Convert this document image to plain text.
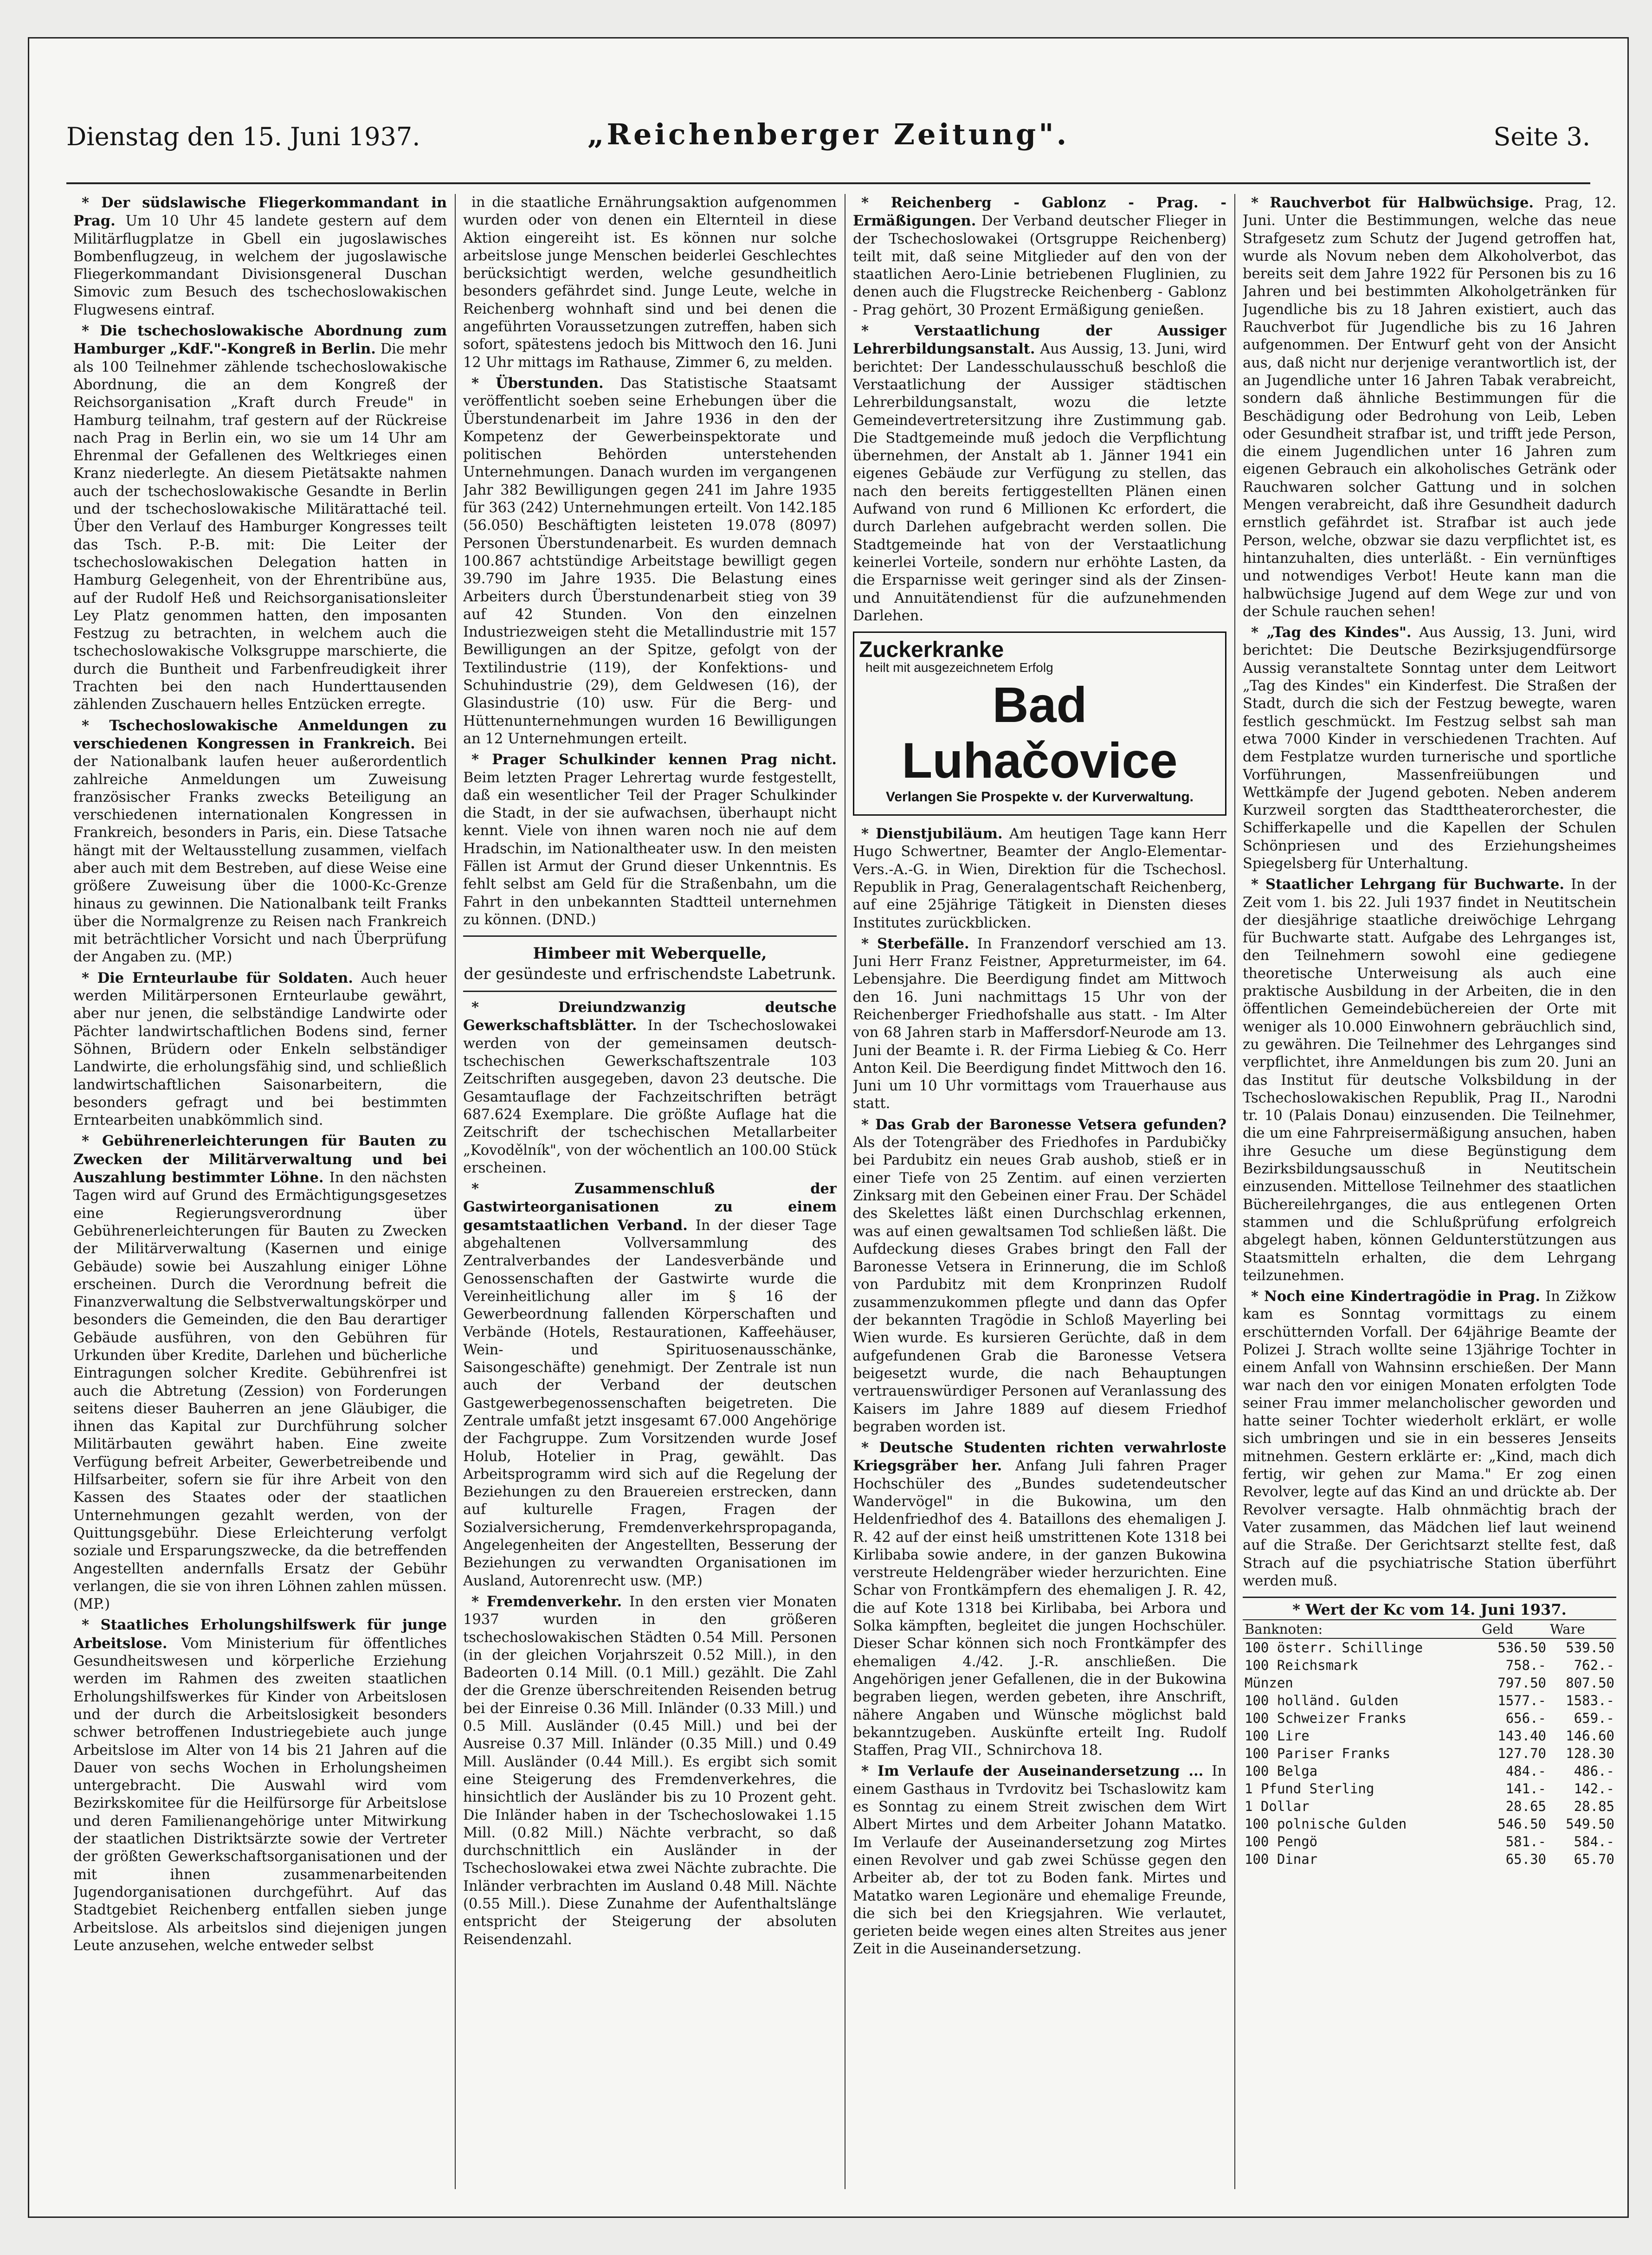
Dienstag den 15. Juni 1937.	„Reichenberger Zeitung".	Seite 3.

* Der südslawische Fliegerkommandant in Prag. Um 10 Uhr 45 landete gestern auf dem Militärflugplatze in Gbell ein jugoslawisches Bombenflugzeug, in welchem der jugoslawische Fliegerkommandant Divisionsgeneral Duschan Simovic zum Besuch des tschechoslowakischen Flugwesens eintraf.

* Die tschechoslowakische Abordnung zum Hamburger „KdF."-Kongreß in Berlin. Die mehr als 100 Teilnehmer zählende tschechoslowakische Abordnung, die an dem Kongreß der Reichsorganisation „Kraft durch Freude" in Hamburg teilnahm, traf gestern auf der Rückreise nach Prag in Berlin ein, wo sie um 14 Uhr am Ehrenmal der Gefallenen des Weltkrieges einen Kranz niederlegte. An diesem Pietätsakte nahmen auch der tschechoslowakische Gesandte in Berlin und der tschechoslowakische Militärattaché teil. Über den Verlauf des Hamburger Kongresses teilt das Tsch. P.-B. mit: Die Leiter der tschechoslowakischen Delegation hatten in Hamburg Gelegenheit, von der Ehrentribüne aus, auf der Rudolf Heß und Reichsorganisationsleiter Ley Platz genommen hatten, den imposanten Festzug zu betrachten, in welchem auch die tschechoslowakische Volksgruppe marschierte, die durch die Buntheit und Farbenfreudigkeit ihrer Trachten bei den nach Hunderttausenden zählenden Zuschauern helles Entzücken erregte.

* Tschechoslowakische Anmeldungen zu verschiedenen Kongressen in Frankreich. Bei der Nationalbank laufen heuer außerordentlich zahlreiche Anmeldungen um Zuweisung französischer Franks zwecks Beteiligung an verschiedenen internationalen Kongressen in Frankreich, besonders in Paris, ein. Diese Tatsache hängt mit der Weltausstellung zusammen, vielfach aber auch mit dem Bestreben, auf diese Weise eine größere Zuweisung über die 1000-Kc-Grenze hinaus zu gewinnen. Die Nationalbank teilt Franks über die Normalgrenze zu Reisen nach Frankreich mit beträchtlicher Vorsicht und nach Überprüfung der Angaben zu. (MP.)

* Die Ernteurlaube für Soldaten. Auch heuer werden Militärpersonen Ernteurlaube gewährt, aber nur jenen, die selbständige Landwirte oder Pächter landwirtschaftlichen Bodens sind, ferner Söhnen, Brüdern oder Enkeln selbständiger Landwirte, die erholungsfähig sind, und schließlich landwirtschaftlichen Saisonarbeitern, die besonders gefragt und bei bestimmten Erntearbeiten unabkömmlich sind.

* Gebührenerleichterungen für Bauten zu Zwecken der Militärverwaltung und bei Auszahlung bestimmter Löhne. In den nächsten Tagen wird auf Grund des Ermächtigungsgesetzes eine Regierungsverordnung über Gebührenerleichterungen für Bauten zu Zwecken der Militärverwaltung (Kasernen und einige Gebäude) sowie bei Auszahlung einiger Löhne erscheinen. Durch die Verordnung befreit die Finanzverwaltung die Selbstverwaltungskörper und besonders die Gemeinden, die den Bau derartiger Gebäude ausführen, von den Gebühren für Urkunden über Kredite, Darlehen und bücherliche Eintragungen solcher Kredite. Gebührenfrei ist auch die Abtretung (Zession) von Forderungen seitens dieser Bauherren an jene Gläubiger, die ihnen das Kapital zur Durchführung solcher Militärbauten gewährt haben. Eine zweite Verfügung befreit Arbeiter, Gewerbetreibende und Hilfsarbeiter, sofern sie für ihre Arbeit von den Kassen des Staates oder der staatlichen Unternehmungen gezahlt werden, von der Quittungsgebühr. Diese Erleichterung verfolgt soziale und Ersparungszwecke, da die betreffenden Angestellten andernfalls Ersatz der Gebühr verlangen, die sie von ihren Löhnen zahlen müssen. (MP.)

* Staatliches Erholungshilfswerk für junge Arbeitslose. Vom Ministerium für öffentliches Gesundheitswesen und körperliche Erziehung werden im Rahmen des zweiten staatlichen Erholungshilfswerkes für Kinder von Arbeitslosen und der durch die Arbeitslosigkeit besonders schwer betroffenen Industriegebiete auch junge Arbeitslose im Alter von 14 bis 21 Jahren auf die Dauer von sechs Wochen in Erholungsheimen untergebracht. Die Auswahl wird vom Bezirkskomitee für die Heilfürsorge für Arbeitslose und deren Familienangehörige unter Mitwirkung der staatlichen Distriktsärzte sowie der Vertreter der größten Gewerkschaftsorganisationen und der mit ihnen zusammenarbeitenden Jugendorganisationen durchgeführt. Auf das Stadtgebiet Reichenberg entfallen sieben junge Arbeitslose. Als arbeitslos sind diejenigen jungen Leute anzusehen, welche entweder selbst

in die staatliche Ernährungsaktion aufgenommen wurden oder von denen ein Elternteil in diese Aktion eingereiht ist. Es können nur solche arbeitslose junge Menschen beiderlei Geschlechtes berücksichtigt werden, welche gesundheitlich besonders gefährdet sind. Junge Leute, welche in Reichenberg wohnhaft sind und bei denen die angeführten Voraussetzungen zutreffen, haben sich sofort, spätestens jedoch bis Mittwoch den 16. Juni 12 Uhr mittags im Rathause, Zimmer 6, zu melden.

* Überstunden. Das Statistische Staatsamt veröffentlicht soeben seine Erhebungen über die Überstundenarbeit im Jahre 1936 in den der Kompetenz der Gewerbeinspektorate und politischen Behörden unterstehenden Unternehmungen. Danach wurden im vergangenen Jahr 382 Bewilligungen gegen 241 im Jahre 1935 für 363 (242) Unternehmungen erteilt. Von 142.185 (56.050) Beschäftigten leisteten 19.078 (8097) Personen Überstundenarbeit. Es wurden demnach 100.867 achtstündige Arbeitstage bewilligt gegen 39.790 im Jahre 1935. Die Belastung eines Arbeiters durch Überstundenarbeit stieg von 39 auf 42 Stunden. Von den einzelnen Industriezweigen steht die Metallindustrie mit 157 Bewilligungen an der Spitze, gefolgt von der Textilindustrie (119), der Konfektions- und Schuhindustrie (29), dem Geldwesen (16), der Glasindustrie (10) usw. Für die Berg- und Hüttenunternehmungen wurden 16 Bewilligungen an 12 Unternehmungen erteilt.

* Prager Schulkinder kennen Prag nicht. Beim letzten Prager Lehrertag wurde festgestellt, daß ein wesentlicher Teil der Prager Schulkinder die Stadt, in der sie aufwachsen, überhaupt nicht kennt. Viele von ihnen waren noch nie auf dem Hradschin, im Nationaltheater usw. In den meisten Fällen ist Armut der Grund dieser Unkenntnis. Es fehlt selbst am Geld für die Straßenbahn, um die Fahrt in den unbekannten Stadtteil unternehmen zu können. (DND.)

Himbeer mit Weberquelle,
der gesündeste und erfrischendste Labetrunk.

* Dreiundzwanzig deutsche Gewerkschaftsblätter. In der Tschechoslowakei werden von der gemeinsamen deutsch-tschechischen Gewerkschaftszentrale 103 Zeitschriften ausgegeben, davon 23 deutsche. Die Gesamtauflage der Fachzeitschriften beträgt 687.624 Exemplare. Die größte Auflage hat die Zeitschrift der tschechischen Metallarbeiter „Kovodělník", von der wöchentlich an 100.00 Stück erscheinen.

* Zusammenschluß der Gastwirteorganisationen zu einem gesamtstaatlichen Verband. In der dieser Tage abgehaltenen Vollversammlung des Zentralverbandes der Landesverbände und Genossenschaften der Gastwirte wurde die Vereinheitlichung aller im § 16 der Gewerbeordnung fallenden Körperschaften und Verbände (Hotels, Restaurationen, Kaffeehäuser, Wein- und Spirituosenausschänke, Saisongeschäfte) genehmigt. Der Zentrale ist nun auch der Verband der deutschen Gastgewerbegenossenschaften beigetreten. Die Zentrale umfaßt jetzt insgesamt 67.000 Angehörige der Fachgruppe. Zum Vorsitzenden wurde Josef Holub, Hotelier in Prag, gewählt. Das Arbeitsprogramm wird sich auf die Regelung der Beziehungen zu den Brauereien erstrecken, dann auf kulturelle Fragen, Fragen der Sozialversicherung, Fremdenverkehrspropaganda, Angelegenheiten der Angestellten, Besserung der Beziehungen zu verwandten Organisationen im Ausland, Autorenrecht usw. (MP.)

* Fremdenverkehr. In den ersten vier Monaten 1937 wurden in den größeren tschechoslowakischen Städten 0.54 Mill. Personen (in der gleichen Vorjahrszeit 0.52 Mill.), in den Badeorten 0.14 Mill. (0.1 Mill.) gezählt. Die Zahl der die Grenze überschreitenden Reisenden betrug bei der Einreise 0.36 Mill. Inländer (0.33 Mill.) und 0.5 Mill. Ausländer (0.45 Mill.) und bei der Ausreise 0.37 Mill. Inländer (0.35 Mill.) und 0.49 Mill. Ausländer (0.44 Mill.). Es ergibt sich somit eine Steigerung des Fremdenverkehres, die hinsichtlich der Ausländer bis zu 10 Prozent geht. Die Inländer haben in der Tschechoslowakei 1.15 Mill. (0.82 Mill.) Nächte verbracht, so daß durchschnittlich ein Ausländer in der Tschechoslowakei etwa zwei Nächte zubrachte. Die Inländer verbrachten im Ausland 0.48 Mill. Nächte (0.55 Mill.). Diese Zunahme der Aufenthaltslänge entspricht der Steigerung der absoluten Reisendenzahl.

* Reichenberg - Gablonz - Prag. - Ermäßigungen. Der Verband deutscher Flieger in der Tschechoslowakei (Ortsgruppe Reichenberg) teilt mit, daß seine Mitglieder auf den von der staatlichen Aero-Linie betriebenen Fluglinien, zu denen auch die Flugstrecke Reichenberg - Gablonz - Prag gehört, 30 Prozent Ermäßigung genießen.

* Verstaatlichung der Aussiger Lehrerbildungsanstalt. Aus Aussig, 13. Juni, wird berichtet: Der Landesschulausschuß beschloß die Verstaatlichung der Aussiger städtischen Lehrerbildungsanstalt, wozu die letzte Gemeindevertretersitzung ihre Zustimmung gab. Die Stadtgemeinde muß jedoch die Verpflichtung übernehmen, der Anstalt ab 1. Jänner 1941 ein eigenes Gebäude zur Verfügung zu stellen, das nach den bereits fertiggestellten Plänen einen Aufwand von rund 6 Millionen Kc erfordert, die durch Darlehen aufgebracht werden sollen. Die Stadtgemeinde hat von der Verstaatlichung keinerlei Vorteile, sondern nur erhöhte Lasten, da die Ersparnisse weit geringer sind als der Zinsen- und Annuitätendienst für die aufzunehmenden Darlehen.

Zuckerkranke
heilt mit ausgezeichnetem Erfolg
Bad Luhačovice
Verlangen Sie Prospekte v. der Kurverwaltung.

* Dienstjubiläum. Am heutigen Tage kann Herr Hugo Schwertner, Beamter der Anglo-Elementar-Vers.-A.-G. in Wien, Direktion für die Tschechosl. Republik in Prag, Generalagentschaft Reichenberg, auf eine 25jährige Tätigkeit in Diensten dieses Institutes zurückblicken.

* Sterbefälle. In Franzendorf verschied am 13. Juni Herr Franz Feistner, Appreturmeister, im 64. Lebensjahre. Die Beerdigung findet am Mittwoch den 16. Juni nachmittags 15 Uhr von der Reichenberger Friedhofshalle aus statt. - Im Alter von 68 Jahren starb in Maffersdorf-Neurode am 13. Juni der Beamte i. R. der Firma Liebieg & Co. Herr Anton Keil. Die Beerdigung findet Mittwoch den 16. Juni um 10 Uhr vormittags vom Trauerhause aus statt.

* Das Grab der Baronesse Vetsera gefunden? Als der Totengräber des Friedhofes in Pardubičky bei Pardubitz ein neues Grab aushob, stieß er in einer Tiefe von 25 Zentim. auf einen verzierten Zinksarg mit den Gebeinen einer Frau. Der Schädel des Skelettes läßt einen Durchschlag erkennen, was auf einen gewaltsamen Tod schließen läßt. Die Aufdeckung dieses Grabes bringt den Fall der Baronesse Vetsera in Erinnerung, die im Schloß von Pardubitz mit dem Kronprinzen Rudolf zusammenzukommen pflegte und dann das Opfer der bekannten Tragödie in Schloß Mayerling bei Wien wurde. Es kursieren Gerüchte, daß in dem aufgefundenen Grab die Baronesse Vetsera beigesetzt wurde, die nach Behauptungen vertrauenswürdiger Personen auf Veranlassung des Kaisers im Jahre 1889 auf diesem Friedhof begraben worden ist.

* Deutsche Studenten richten verwahrloste Kriegsgräber her. Anfang Juli fahren Prager Hochschüler des „Bundes sudetendeutscher Wandervögel" in die Bukowina, um den Heldenfriedhof des 4. Bataillons des ehemaligen J. R. 42 auf der einst heiß umstrittenen Kote 1318 bei Kirlibaba sowie andere, in der ganzen Bukowina verstreute Heldengräber wieder herzurichten. Eine Schar von Frontkämpfern des ehemaligen J. R. 42, die auf Kote 1318 bei Kirlibaba, bei Arbora und Solka kämpften, begleitet die jungen Hochschüler. Dieser Schar können sich noch Frontkämpfer des ehemaligen 4./42. J.-R. anschließen. Die Angehörigen jener Gefallenen, die in der Bukowina begraben liegen, werden gebeten, ihre Anschrift, nähere Angaben und Wünsche möglichst bald bekanntzugeben. Auskünfte erteilt Ing. Rudolf Staffen, Prag VII., Schnirchova 18.

* Im Verlaufe der Auseinandersetzung ... In einem Gasthaus in Tvrdovitz bei Tschaslowitz kam es Sonntag zu einem Streit zwischen dem Wirt Albert Mirtes und dem Arbeiter Johann Matatko. Im Verlaufe der Auseinandersetzung zog Mirtes einen Revolver und gab zwei Schüsse gegen den Arbeiter ab, der tot zu Boden fank. Mirtes und Matatko waren Legionäre und ehemalige Freunde, die sich bei den Kriegsjahren. Wie verlautet, gerieten beide wegen eines alten Streites aus jener Zeit in die Auseinandersetzung.

* Rauchverbot für Halbwüchsige. Prag, 12. Juni. Unter die Bestimmungen, welche das neue Strafgesetz zum Schutz der Jugend getroffen hat, wurde als Novum neben dem Alkoholverbot, das bereits seit dem Jahre 1922 für Personen bis zu 16 Jahren und bei bestimmten Alkoholgetränken für Jugendliche bis zu 18 Jahren existiert, auch das Rauchverbot für Jugendliche bis zu 16 Jahren aufgenommen. Der Entwurf geht von der Ansicht aus, daß nicht nur derjenige verantwortlich ist, der an Jugendliche unter 16 Jahren Tabak verabreicht, sondern daß ähnliche Bestimmungen für die Beschädigung oder Bedrohung von Leib, Leben oder Gesundheit strafbar ist, und trifft jede Person, die einem Jugendlichen unter 16 Jahren zum eigenen Gebrauch ein alkoholisches Getränk oder Rauchwaren solcher Gattung und in solchen Mengen verabreicht, daß ihre Gesundheit dadurch ernstlich gefährdet ist. Strafbar ist auch jede Person, welche, obzwar sie dazu verpflichtet ist, es hintanzuhalten, dies unterläßt. - Ein vernünftiges und notwendiges Verbot! Heute kann man die halbwüchsige Jugend auf dem Wege zur und von der Schule rauchen sehen!

* „Tag des Kindes". Aus Aussig, 13. Juni, wird berichtet: Die Deutsche Bezirksjugendfürsorge Aussig veranstaltete Sonntag unter dem Leitwort „Tag des Kindes" ein Kinderfest. Die Straßen der Stadt, durch die sich der Festzug bewegte, waren festlich geschmückt. Im Festzug selbst sah man etwa 7000 Kinder in verschiedenen Trachten. Auf dem Festplatze wurden turnerische und sportliche Vorführungen, Massenfreiübungen und Wettkämpfe der Jugend geboten. Neben anderem Kurzweil sorgten das Stadttheaterorchester, die Schifferkapelle und die Kapellen der Schulen Schönpriesen und des Erziehungsheimes Spiegelsberg für Unterhaltung.

* Staatlicher Lehrgang für Buchwarte. In der Zeit vom 1. bis 22. Juli 1937 findet in Neutitschein der diesjährige staatliche dreiwöchige Lehrgang für Buchwarte statt. Aufgabe des Lehrganges ist, den Teilnehmern sowohl eine gediegene theoretische Unterweisung als auch eine praktische Ausbildung in der Arbeiten, die in den öffentlichen Gemeindebüchereien der Orte mit weniger als 10.000 Einwohnern gebräuchlich sind, zu gewähren. Die Teilnehmer des Lehrganges sind verpflichtet, ihre Anmeldungen bis zum 20. Juni an das Institut für deutsche Volksbildung in der Tschechoslowakischen Republik, Prag II., Narodni tr. 10 (Palais Donau) einzusenden. Die Teilnehmer, die um eine Fahrpreisermäßigung ansuchen, haben ihre Gesuche um diese Begünstigung dem Bezirksbildungsausschuß in Neutitschein einzusenden. Mittellose Teilnehmer des staatlichen Büchereilehrganges, die aus entlegenen Orten stammen und die Schlußprüfung erfolgreich abgelegt haben, können Geldunterstützungen aus Staatsmitteln erhalten, die dem Lehrgang teilzunehmen.

* Noch eine Kindertragödie in Prag. In Zižkow kam es Sonntag vormittags zu einem erschütternden Vorfall. Der 64jährige Beamte der Polizei J. Strach wollte seine 13jährige Tochter in einem Anfall von Wahnsinn erschießen. Der Mann war nach den vor einigen Monaten erfolgten Tode seiner Frau immer melancholischer geworden und hatte seiner Tochter wiederholt erklärt, er wolle sich umbringen und sie in ein besseres Jenseits mitnehmen. Gestern erklärte er: „Kind, mach dich fertig, wir gehen zur Mama." Er zog einen Revolver, legte auf das Kind an und drückte ab. Der Revolver versagte. Halb ohnmächtig brach der Vater zusammen, das Mädchen lief laut weinend auf die Straße. Der Gerichtsarzt stellte fest, daß Strach auf die psychiatrische Station überführt werden muß.

* Wert der Kc vom 14. Juni 1937.
Banknoten:	Geld	Ware
100 österr. Schillinge	536.50	539.50
100 Reichsmark	758.-	762.-
Münzen	797.50	807.50
100 holländ. Gulden	1577.-	1583.-
100 Schweizer Franks	656.-	659.-
100 Lire	143.40	146.60
100 Pariser Franks	127.70	128.30
100 Belga	484.-	486.-
1 Pfund Sterling	141.-	142.-
1 Dollar	28.65	28.85
100 polnische Gulden	546.50	549.50
100 Pengö	581.-	584.-
100 Dinar	65.30	65.70
